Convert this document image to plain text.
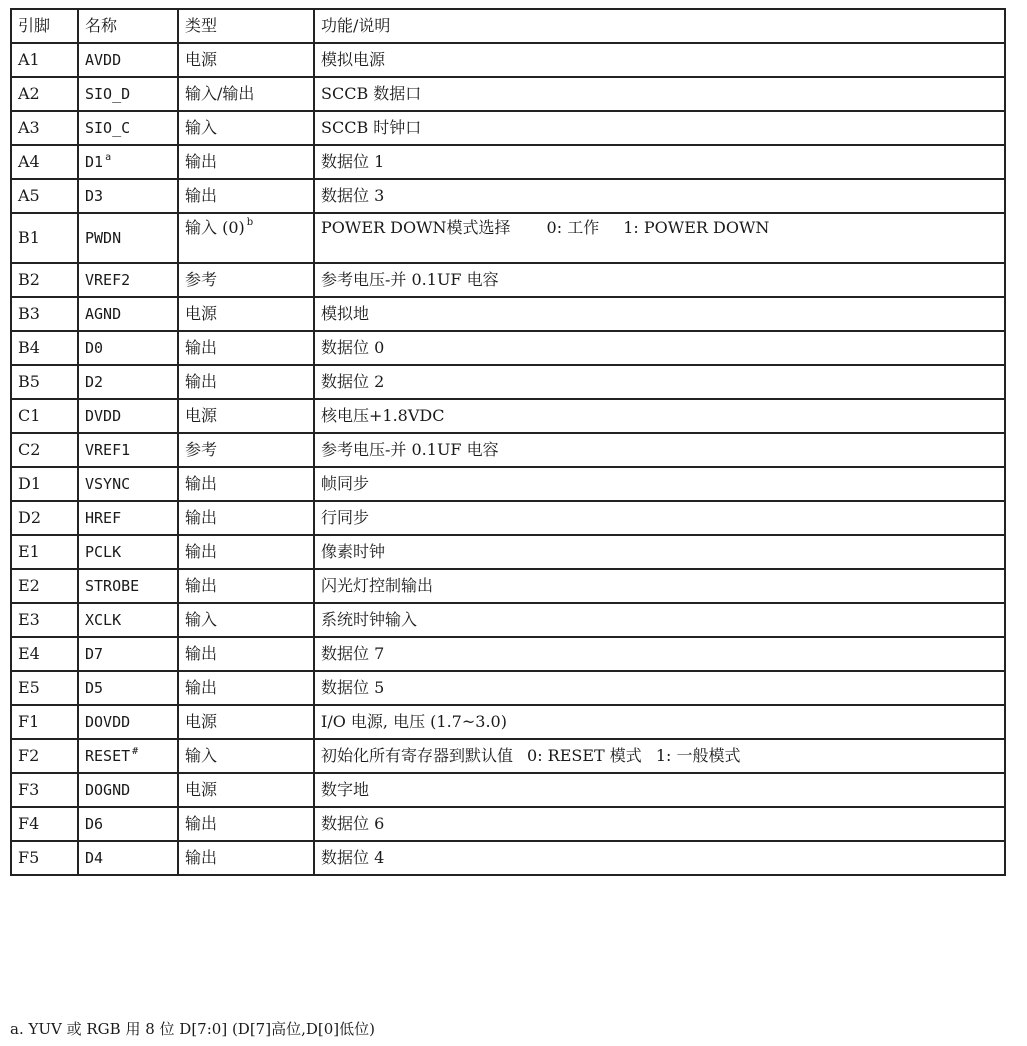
引脚	名称	类型	功能/说明
A1	AVDD	电源	模拟电源
A2	SIO_D	输入/输出	SCCB 数据口
A3	SIO_C	输入	SCCB 时钟口
A4	D1 $^a$	输出	数据位 1
A5	D3	输出	数据位 3
B1	PWDN	输入 (0) $^b$	POWER DOWN模式选择 0: 工作 1: POWER DOWN
B2	VREF2	参考	参考电压-并 0.1UF 电容
B3	AGND	电源	模拟地
B4	D0	输出	数据位 0
B5	D2	输出	数据位 2
C1	DVDD	电源	核电压+1.8VDC
C2	VREF1	参考	参考电压-并 0.1UF 电容
D1	VSYNC	输出	帧同步
D2	HREF	输出	行同步
E1	PCLK	输出	像素时钟
E2	STROBE	输出	闪光灯控制输出
E3	XCLK	输入	系统时钟输入
E4	D7	输出	数据位 7
E5	D5	输出	数据位 5
F1	DOVDD	电源	I/O 电源, 电压 (1.7~3.0)
F2	RESET #	输入	初始化所有寄存器到默认值 0: RESET 模式 1: 一般模式
F3	DOGND	电源	数字地
F4	D6	输出	数据位 6
F5	D4	输出	数据位 4
a. YUV 或 RGB 用 8 位 D[7:0] (D[7]高位,D[0]低位)
